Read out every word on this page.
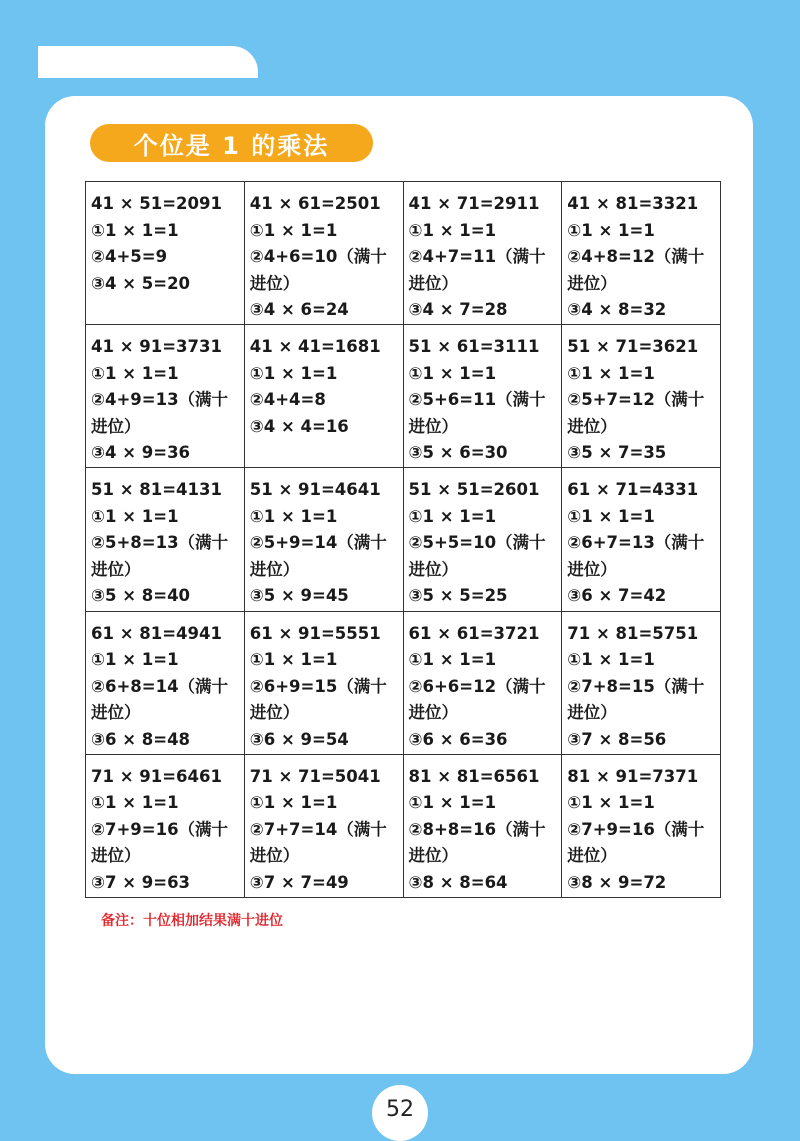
个位是 1 的乘法
41 × 51=2091
①1 × 1=1
②4+5=9
③4 × 5=20	41 × 61=2501
①1 × 1=1
②4+6=10（满十进位）
③4 × 6=24	41 × 71=2911
①1 × 1=1
②4+7=11（满十进位）
③4 × 7=28	41 × 81=3321
①1 × 1=1
②4+8=12（满十进位）
③4 × 8=32

41 × 91=3731
①1 × 1=1
②4+9=13（满十进位）
③4 × 9=36	41 × 41=1681
①1 × 1=1
②4+4=8
③4 × 4=16	51 × 61=3111
①1 × 1=1
②5+6=11（满十进位）
③5 × 6=30	51 × 71=3621
①1 × 1=1
②5+7=12（满十进位）
③5 × 7=35

51 × 81=4131
①1 × 1=1
②5+8=13（满十进位）
③5 × 8=40	51 × 91=4641
①1 × 1=1
②5+9=14（满十进位）
③5 × 9=45	51 × 51=2601
①1 × 1=1
②5+5=10（满十进位）
③5 × 5=25	61 × 71=4331
①1 × 1=1
②6+7=13（满十进位）
③6 × 7=42

61 × 81=4941
①1 × 1=1
②6+8=14（满十进位）
③6 × 8=48	61 × 91=5551
①1 × 1=1
②6+9=15（满十进位）
③6 × 9=54	61 × 61=3721
①1 × 1=1
②6+6=12（满十进位）
③6 × 6=36	71 × 81=5751
①1 × 1=1
②7+8=15（满十进位）
③7 × 8=56

71 × 91=6461
①1 × 1=1
②7+9=16（满十进位）
③7 × 9=63	71 × 71=5041
①1 × 1=1
②7+7=14（满十进位）
③7 × 7=49	81 × 81=6561
①1 × 1=1
②8+8=16（满十进位）
③8 × 8=64	81 × 91=7371
①1 × 1=1
②7+9=16（满十进位）
③8 × 9=72
备注：十位相加结果满十进位
52
